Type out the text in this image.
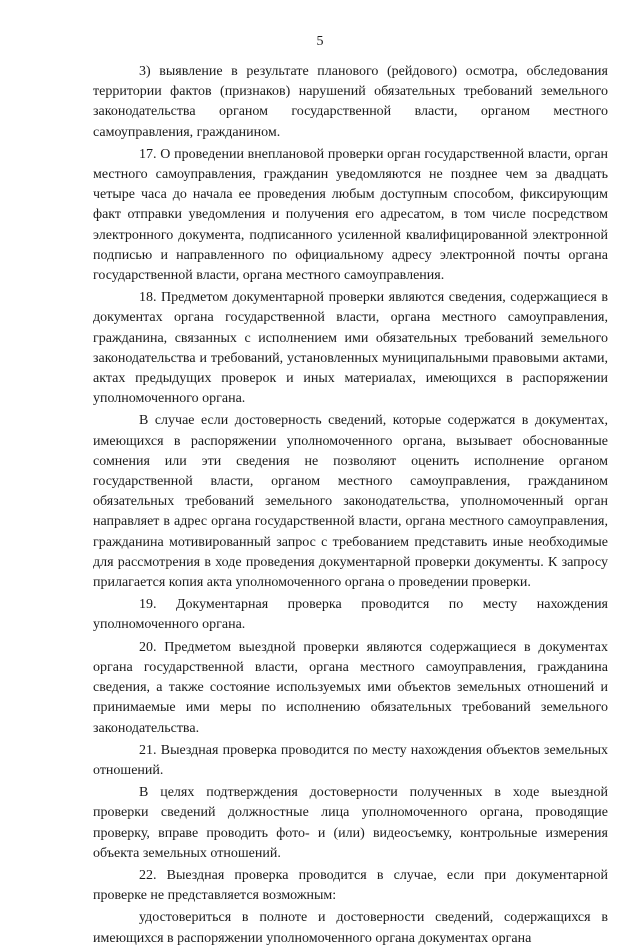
5

3) выявление в результате планового (рейдового) осмотра, обследования территории фактов (признаков) нарушений обязательных требований земельного законодательства органом государственной власти, органом местного самоуправления, гражданином.

17. О проведении внеплановой проверки орган государственной власти, орган местного самоуправления, гражданин уведомляются не позднее чем за двадцать четыре часа до начала ее проведения любым доступным способом, фиксирующим факт отправки уведомления и получения его адресатом, в том числе посредством электронного документа, подписанного усиленной квалифицированной электронной подписью и направленного по официальному адресу электронной почты органа государственной власти, органа местного самоуправления.

18. Предметом документарной проверки являются сведения, содержащиеся в документах органа государственной власти, органа местного самоуправления, гражданина, связанных с исполнением ими обязательных требований земельного законодательства и требований, установленных муниципальными правовыми актами, актах предыдущих проверок и иных материалах, имеющихся в распоряжении уполномоченного органа.

В случае если достоверность сведений, которые содержатся в документах, имеющихся в распоряжении уполномоченного органа, вызывает обоснованные сомнения или эти сведения не позволяют оценить исполнение органом государственной власти, органом местного самоуправления, гражданином обязательных требований земельного законодательства, уполномоченный орган направляет в адрес органа государственной власти, органа местного самоуправления, гражданина мотивированный запрос с требованием представить иные необходимые для рассмотрения в ходе проведения документарной проверки документы. К запросу прилагается копия акта уполномоченного органа о проведении проверки.

19. Документарная проверка проводится по месту нахождения уполномоченного органа.

20. Предметом выездной проверки являются содержащиеся в документах органа государственной власти, органа местного самоуправления, гражданина сведения, а также состояние используемых ими объектов земельных отношений и принимаемые ими меры по исполнению обязательных требований земельного законодательства.

21. Выездная проверка проводится по месту нахождения объектов земельных отношений.

В целях подтверждения достоверности полученных в ходе выездной проверки сведений должностные лица уполномоченного органа, проводящие проверку, вправе проводить фото- и (или) видеосъемку, контрольные измерения объекта земельных отношений.

22. Выездная проверка проводится в случае, если при документарной проверке не представляется возможным:

удостовериться в полноте и достоверности сведений, содержащихся в имеющихся в распоряжении уполномоченного органа документах органа
